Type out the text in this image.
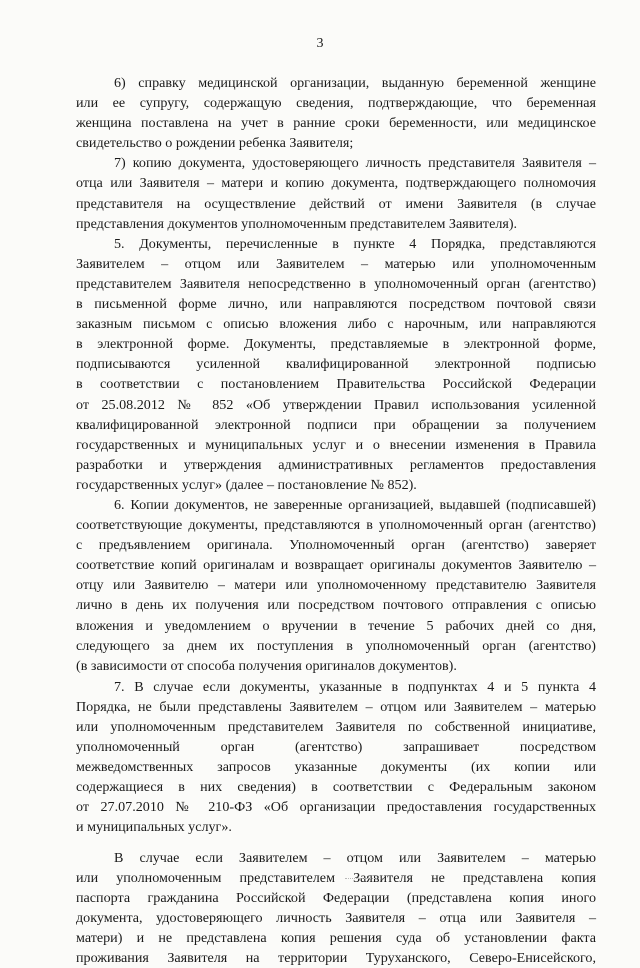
3
6) справку медицинской организации, выданную беременной женщине
или ее супругу, содержащую сведения, подтверждающие, что беременная
женщина поставлена на учет в ранние сроки беременности, или медицинское
свидетельство о рождении ребенка Заявителя;
7) копию документа, удостоверяющего личность представителя Заявителя –
отца или Заявителя – матери и копию документа, подтверждающего полномочия
представителя на осуществление действий от имени Заявителя (в случае
представления документов уполномоченным представителем Заявителя).
5. Документы, перечисленные в пункте 4 Порядка, представляются
Заявителем – отцом или Заявителем – матерью или уполномоченным
представителем Заявителя непосредственно в уполномоченный орган (агентство)
в письменной форме лично, или направляются посредством почтовой связи
заказным письмом с описью вложения либо с нарочным, или направляются
в электронной форме. Документы, представляемые в электронной форме,
подписываются усиленной квалифицированной электронной подписью
в соответствии с постановлением Правительства Российской Федерации
от 25.08.2012 № 852 «Об утверждении Правил использования усиленной
квалифицированной электронной подписи при обращении за получением
государственных и муниципальных услуг и о внесении изменения в Правила
разработки и утверждения административных регламентов предоставления
государственных услуг» (далее – постановление № 852).
6. Копии документов, не заверенные организацией, выдавшей (подписавшей)
соответствующие документы, представляются в уполномоченный орган (агентство)
с предъявлением оригинала. Уполномоченный орган (агентство) заверяет
соответствие копий оригиналам и возвращает оригиналы документов Заявителю –
отцу или Заявителю – матери или уполномоченному представителю Заявителя
лично в день их получения или посредством почтового отправления с описью
вложения и уведомлением о вручении в течение 5 рабочих дней со дня,
следующего за днем их поступления в уполномоченный орган (агентство)
(в зависимости от способа получения оригиналов документов).
7. В случае если документы, указанные в подпунктах 4 и 5 пункта 4
Порядка, не были представлены Заявителем – отцом или Заявителем – матерью
или уполномоченным представителем Заявителя по собственной инициативе,
уполномоченный орган (агентство) запрашивает посредством
межведомственных запросов указанные документы (их копии или
содержащиеся в них сведения) в соответствии с Федеральным законом
от 27.07.2010 № 210-ФЗ «Об организации предоставления государственных
и муниципальных услуг».
В случае если Заявителем – отцом или Заявителем – матерью
или уполномоченным представителем Заявителя не представлена копия
паспорта гражданина Российской Федерации (представлена копия иного
документа, удостоверяющего личность Заявителя – отца или Заявителя –
матери) и не представлена копия решения суда об установлении факта
проживания Заявителя на территории Туруханского, Северо-Енисейского,
